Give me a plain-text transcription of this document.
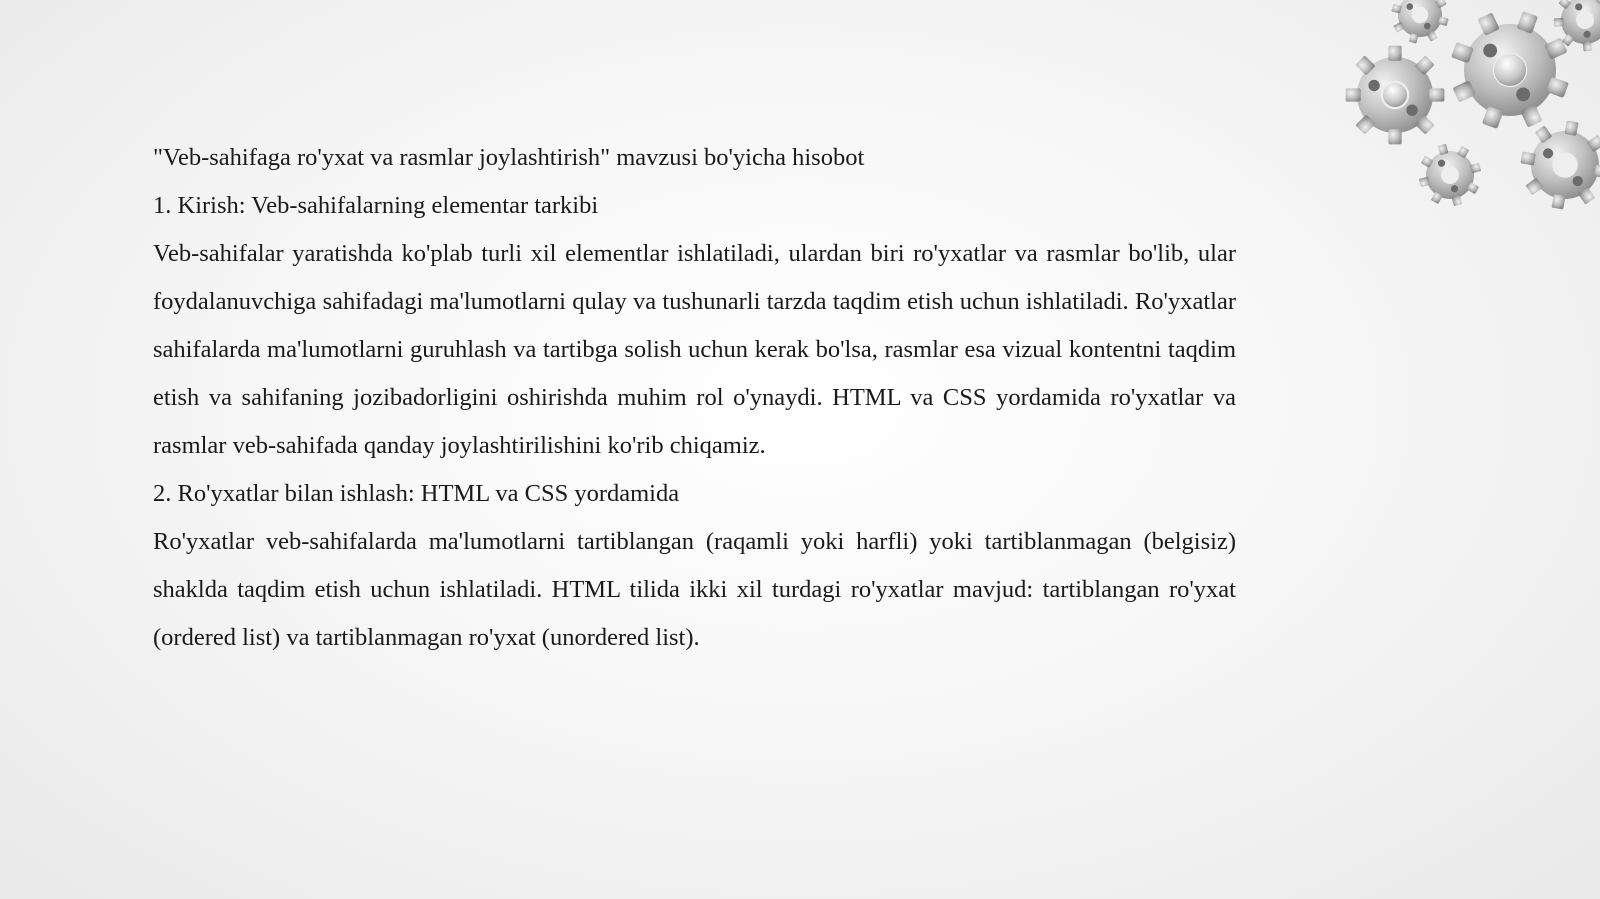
"Veb-sahifaga ro'yxat va rasmlar joylashtirish" mavzusi bo'yicha hisobot

1. Kirish: Veb-sahifalarning elementar tarkibi

Veb-sahifalar yaratishda ko'plab turli xil elementlar ishlatiladi, ulardan biri ro'yxatlar va rasmlar bo'lib, ular foydalanuvchiga sahifadagi ma'lumotlarni qulay va tushunarli tarzda taqdim etish uchun ishlatiladi. Ro'yxatlar sahifalarda ma'lumotlarni guruhlash va tartibga solish uchun kerak bo'lsa, rasmlar esa vizual kontentni taqdim etish va sahifaning jozibadorligini oshirishda muhim rol o'ynaydi. HTML va CSS yordamida ro'yxatlar va rasmlar veb-sahifada qanday joylashtirilishini ko'rib chiqamiz.

2. Ro'yxatlar bilan ishlash: HTML va CSS yordamida

Ro'yxatlar veb-sahifalarda ma'lumotlarni tartiblangan (raqamli yoki harfli) yoki tartiblanmagan (belgisiz) shaklda taqdim etish uchun ishlatiladi. HTML tilida ikki xil turdagi ro'yxatlar mavjud: tartiblangan ro'yxat (ordered list) va tartiblanmagan ro'yxat (unordered list).
